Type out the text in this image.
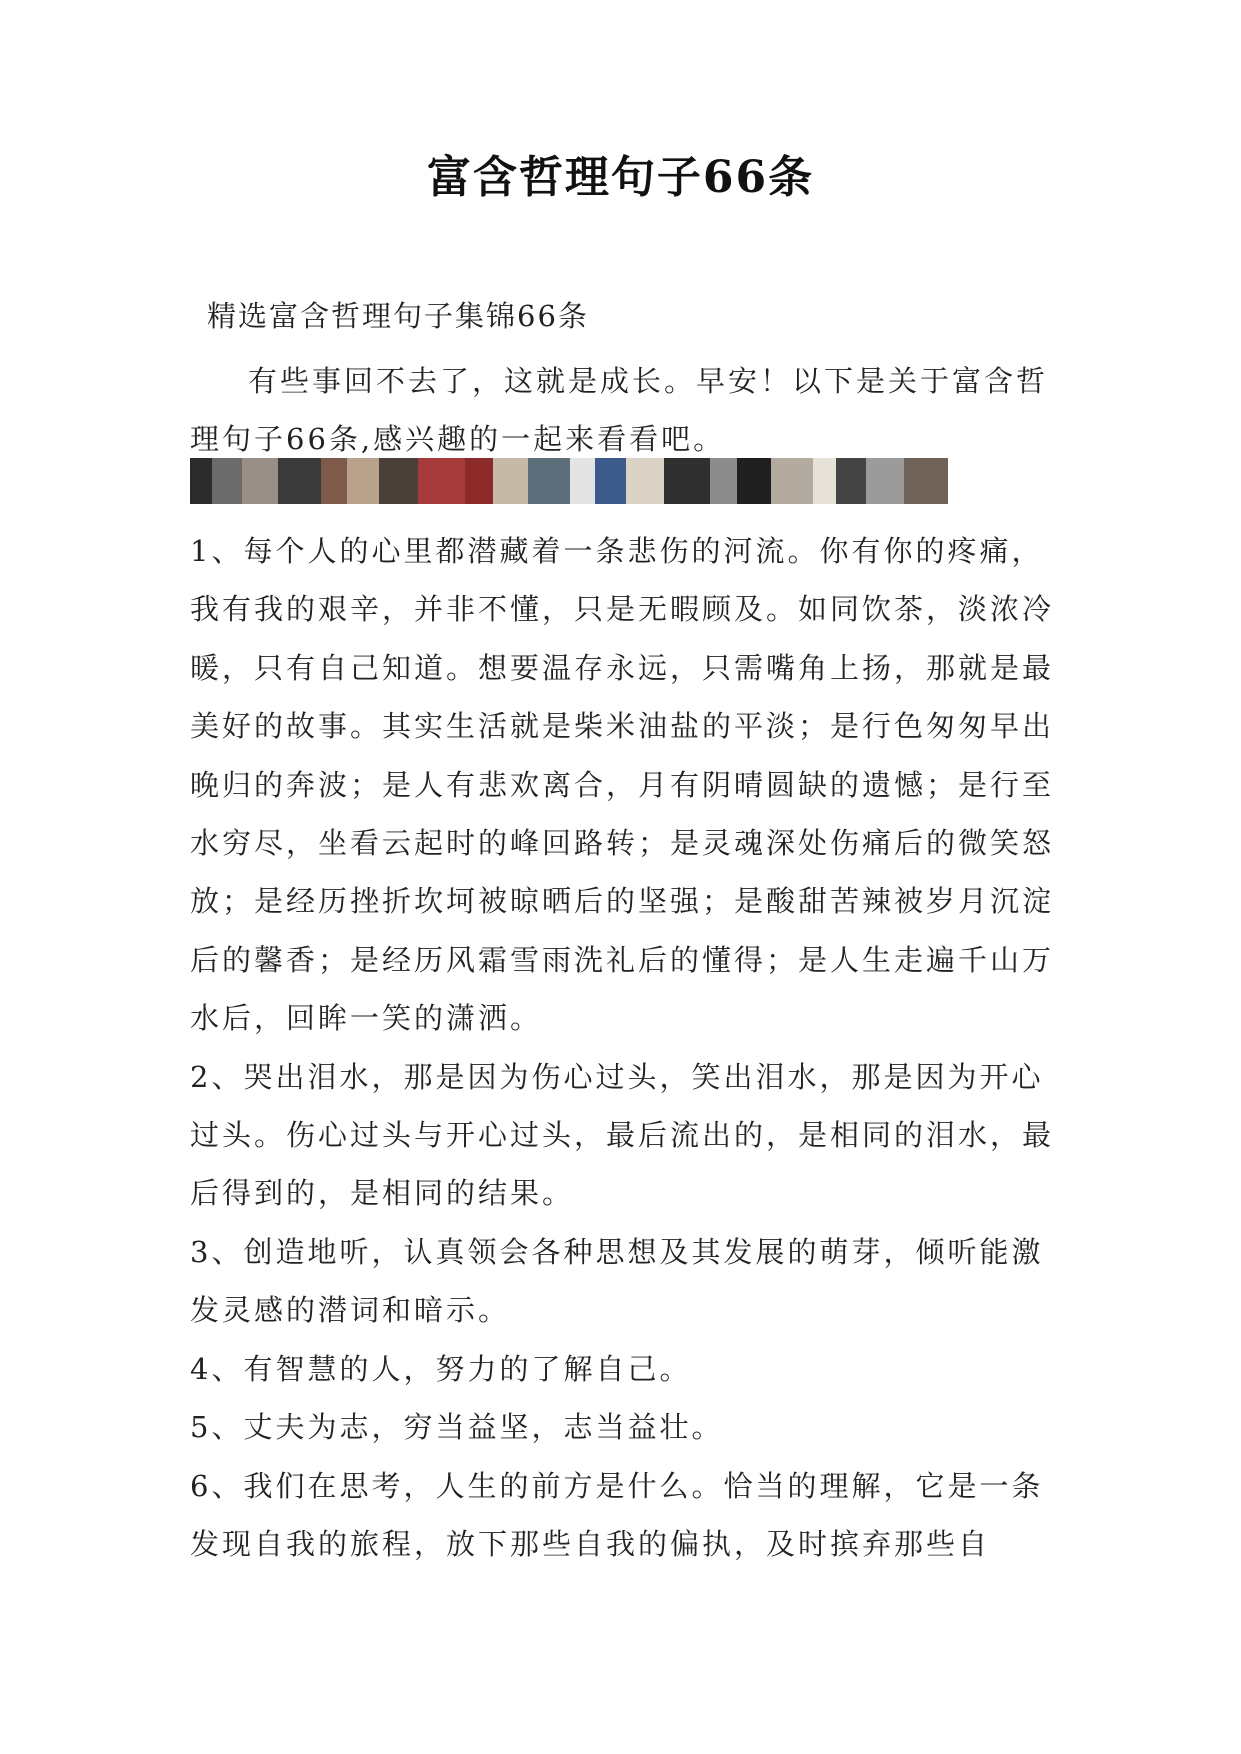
富含哲理句子66条
精选富含哲理句子集锦66条

有些事回不去了，这就是成长。早安！以下是关于富含哲理句子66条,感兴趣的一起来看看吧。

1、每个人的心里都潜藏着一条悲伤的河流。你有你的疼痛，我有我的艰辛，并非不懂，只是无暇顾及。如同饮茶，淡浓冷暖，只有自己知道。想要温存永远，只需嘴角上扬，那就是最美好的故事。其实生活就是柴米油盐的平淡；是行色匆匆早出晚归的奔波；是人有悲欢离合，月有阴晴圆缺的遗憾；是行至水穷尽，坐看云起时的峰回路转；是灵魂深处伤痛后的微笑怒放；是经历挫折坎坷被晾晒后的坚强；是酸甜苦辣被岁月沉淀后的馨香；是经历风霜雪雨洗礼后的懂得；是人生走遍千山万水后，回眸一笑的潇洒。

2、哭出泪水，那是因为伤心过头，笑出泪水，那是因为开心过头。伤心过头与开心过头，最后流出的，是相同的泪水，最后得到的，是相同的结果。

3、创造地听，认真领会各种思想及其发展的萌芽，倾听能激发灵感的潜词和暗示。

4、有智慧的人，努力的了解自己。

5、丈夫为志，穷当益坚，志当益壮。

6、我们在思考，人生的前方是什么。恰当的理解，它是一条发现自我的旅程，放下那些自我的偏执，及时摈弃那些自
